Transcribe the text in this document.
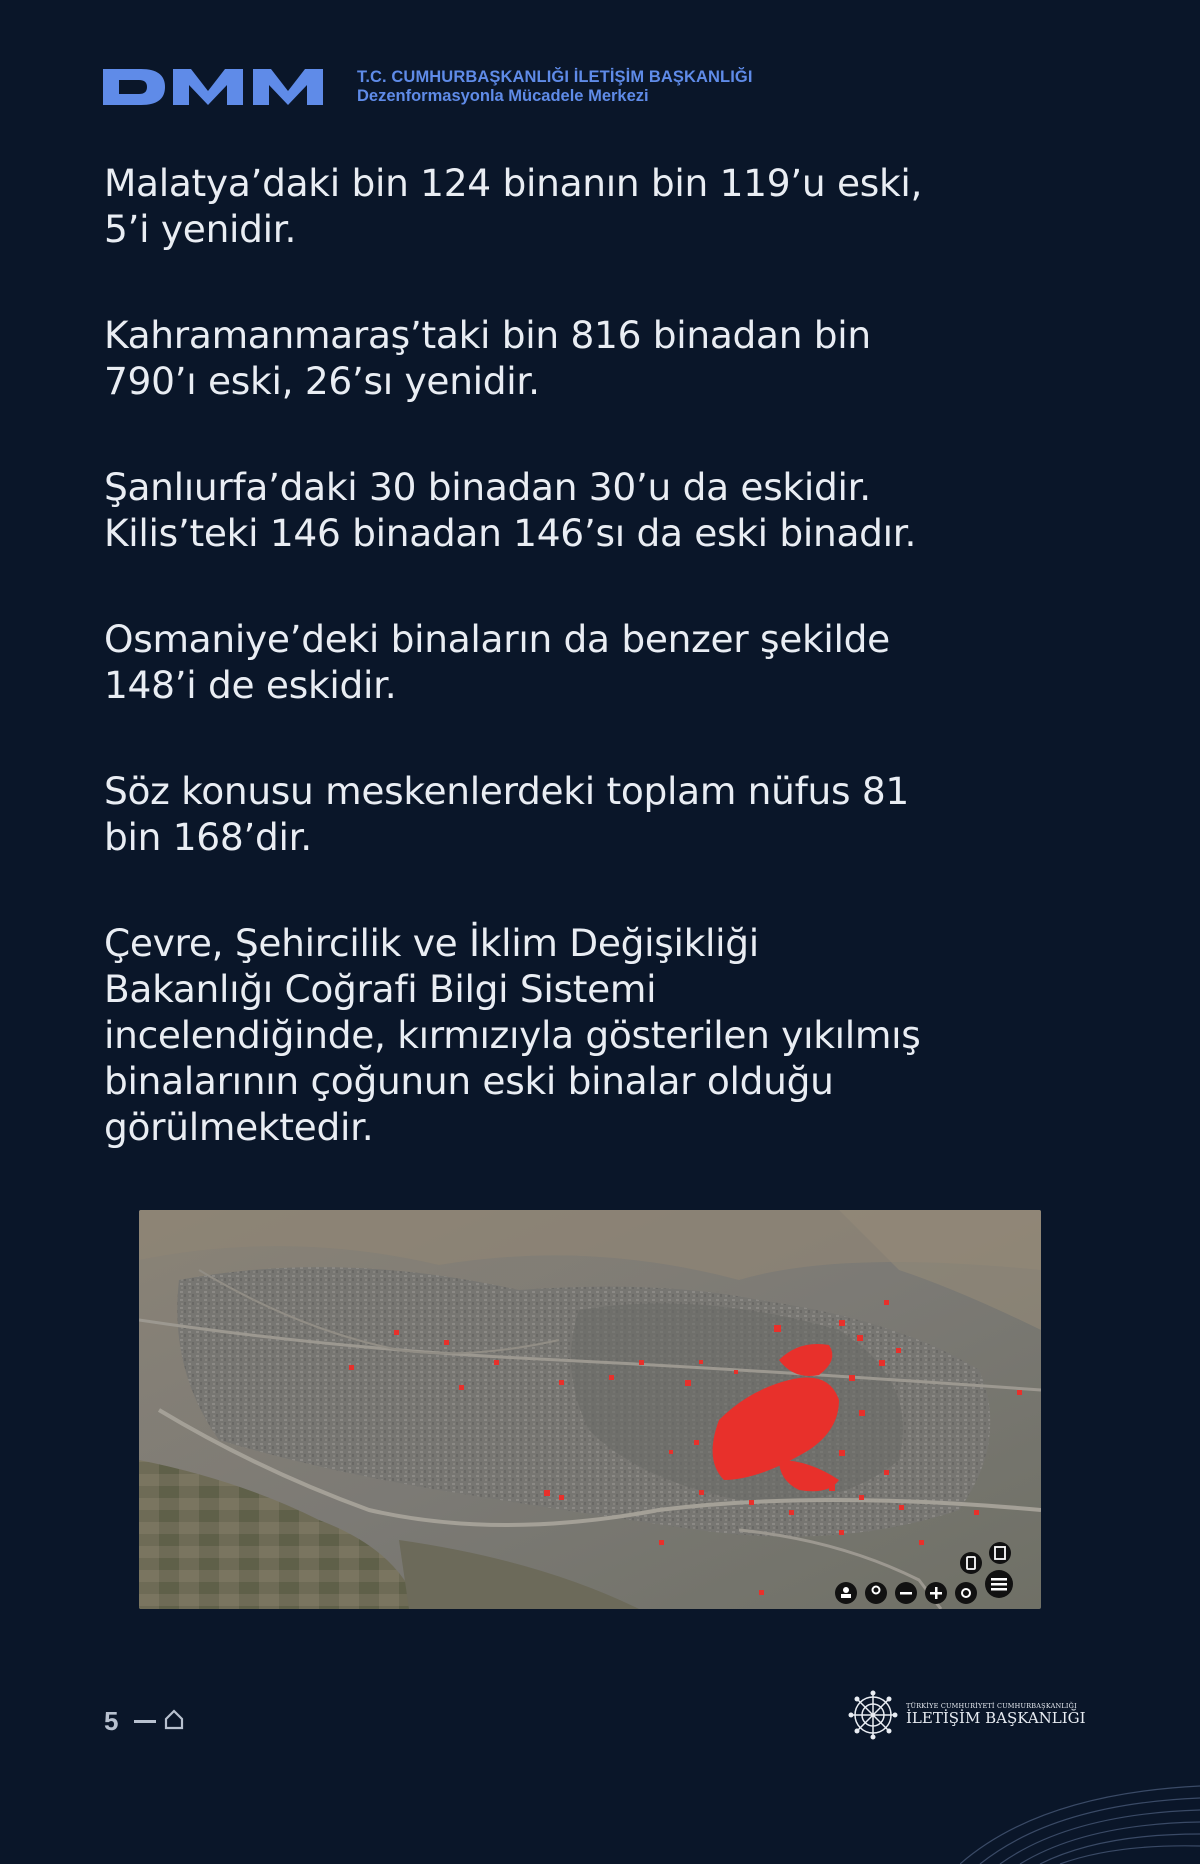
T.C. CUMHURBAŞKANLIĞI İLETİŞİM BAŞKANLIĞI
Dezenformasyonla Mücadele Merkezi

Malatya’daki bin 124 binanın bin 119’u eski,
5’i yenidir.

Kahramanmaraş’taki bin 816 binadan bin
790’ı eski, 26’sı yenidir.

Şanlıurfa’daki 30 binadan 30’u da eskidir.
Kilis’teki 146 binadan 146’sı da eski binadır.

Osmaniye’deki binaların da benzer şekilde
148’i de eskidir.

Söz konusu meskenlerdeki toplam nüfus 81
bin 168’dir.

Çevre, Şehircilik ve İklim Değişikliği
Bakanlığı Coğrafi Bilgi Sistemi
incelendiğinde, kırmızıyla gösterilen yıkılmış
binalarının çoğunun eski binalar olduğu
görülmektedir.

5	TÜRKİYE CUMHURİYETİ CUMHURBAŞKANLIĞI
İLETİŞİM BAŞKANLIĞI
